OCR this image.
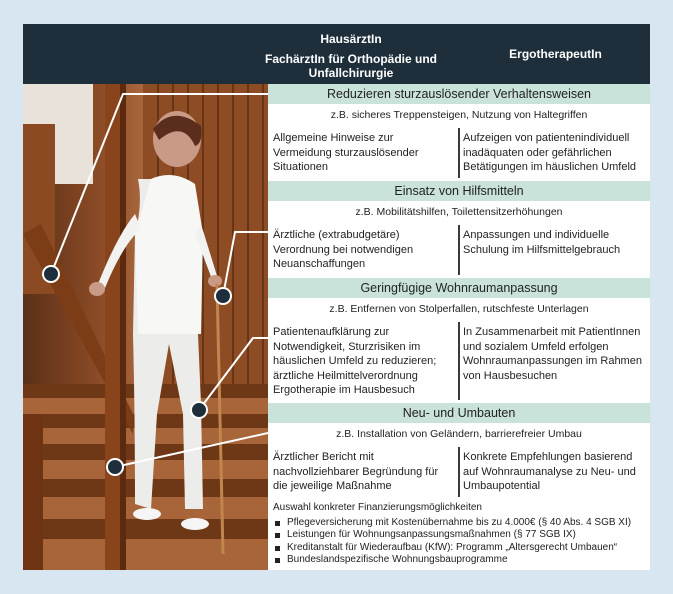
HausärztIn
FachärztIn für Orthopädie und Unfallchirurgie
ErgotherapeutIn
Reduzieren sturzauslösender Verhaltensweisen
z.B. sicheres Treppensteigen, Nutzung von Haltegriffen
Allgemeine Hinweise zur Vermeidung sturzauslösender Situationen
Aufzeigen von patientenindividuell inadäquaten oder gefährlichen Betätigungen im häuslichen Umfeld
Einsatz von Hilfsmitteln
z.B. Mobilitätshilfen, Toilettensitzerhöhungen
Ärztliche (extrabudgetäre) Verordnung bei notwendigen Neuanschaffungen
Anpassungen und individuelle Schulung im Hilfsmittelgebrauch
Geringfügige Wohnraumanpassung
z.B. Entfernen von Stolperfallen, rutschfeste Unterlagen
Patientenaufklärung zur Notwendigkeit, Sturzrisiken im häuslichen Umfeld zu reduzieren; ärztliche Heilmittelverordnung Ergotherapie im Hausbesuch
In Zusammenarbeit mit PatientInnen und sozialem Umfeld erfolgen Wohnraumanpassungen im Rahmen von Hausbesuchen
Neu- und Umbauten
z.B. Installation von Geländern, barrierefreier Umbau
Ärztlicher Bericht mit nachvollziehbarer Begründung für die jeweilige Maßnahme
Konkrete Empfehlungen basierend auf Wohnraumanalyse zu Neu- und Umbaupotential
Auswahl konkreter Finanzierungsmöglichkeiten
Pflegeversicherung mit Kostenübernahme bis zu 4.000€ (§ 40 Abs. 4 SGB XI)
Leistungen für Wohnungsanpassungsmaßnahmen (§ 77 SGB IX)
Kreditanstalt für Wiederaufbau (KfW): Programm „Altersgerecht Umbauen“
Bundeslandspezifische Wohnungsbauprogramme
